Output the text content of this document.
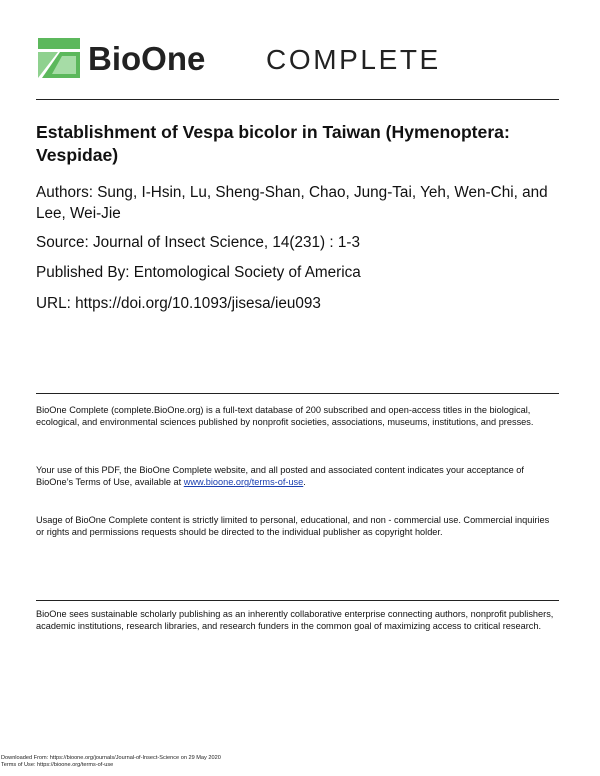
BioOne COMPLETE
Establishment of Vespa bicolor in Taiwan (Hymenoptera: Vespidae)
Authors: Sung, I-Hsin, Lu, Sheng-Shan, Chao, Jung-Tai, Yeh, Wen-Chi, and Lee, Wei-Jie
Source: Journal of Insect Science, 14(231) : 1-3
Published By: Entomological Society of America
URL: https://doi.org/10.1093/jisesa/ieu093
BioOne Complete (complete.BioOne.org) is a full-text database of 200 subscribed and open-access titles in the biological, ecological, and environmental sciences published by nonprofit societies, associations, museums, institutions, and presses.
Your use of this PDF, the BioOne Complete website, and all posted and associated content indicates your acceptance of BioOne’s Terms of Use, available at www.bioone.org/terms-of-use.
Usage of BioOne Complete content is strictly limited to personal, educational, and non - commercial use. Commercial inquiries or rights and permissions requests should be directed to the individual publisher as copyright holder.
BioOne sees sustainable scholarly publishing as an inherently collaborative enterprise connecting authors, nonprofit publishers, academic institutions, research libraries, and research funders in the common goal of maximizing access to critical research.
Downloaded From: https://bioone.org/journals/Journal-of-Insect-Science on 29 May 2020
Terms of Use: https://bioone.org/terms-of-use
